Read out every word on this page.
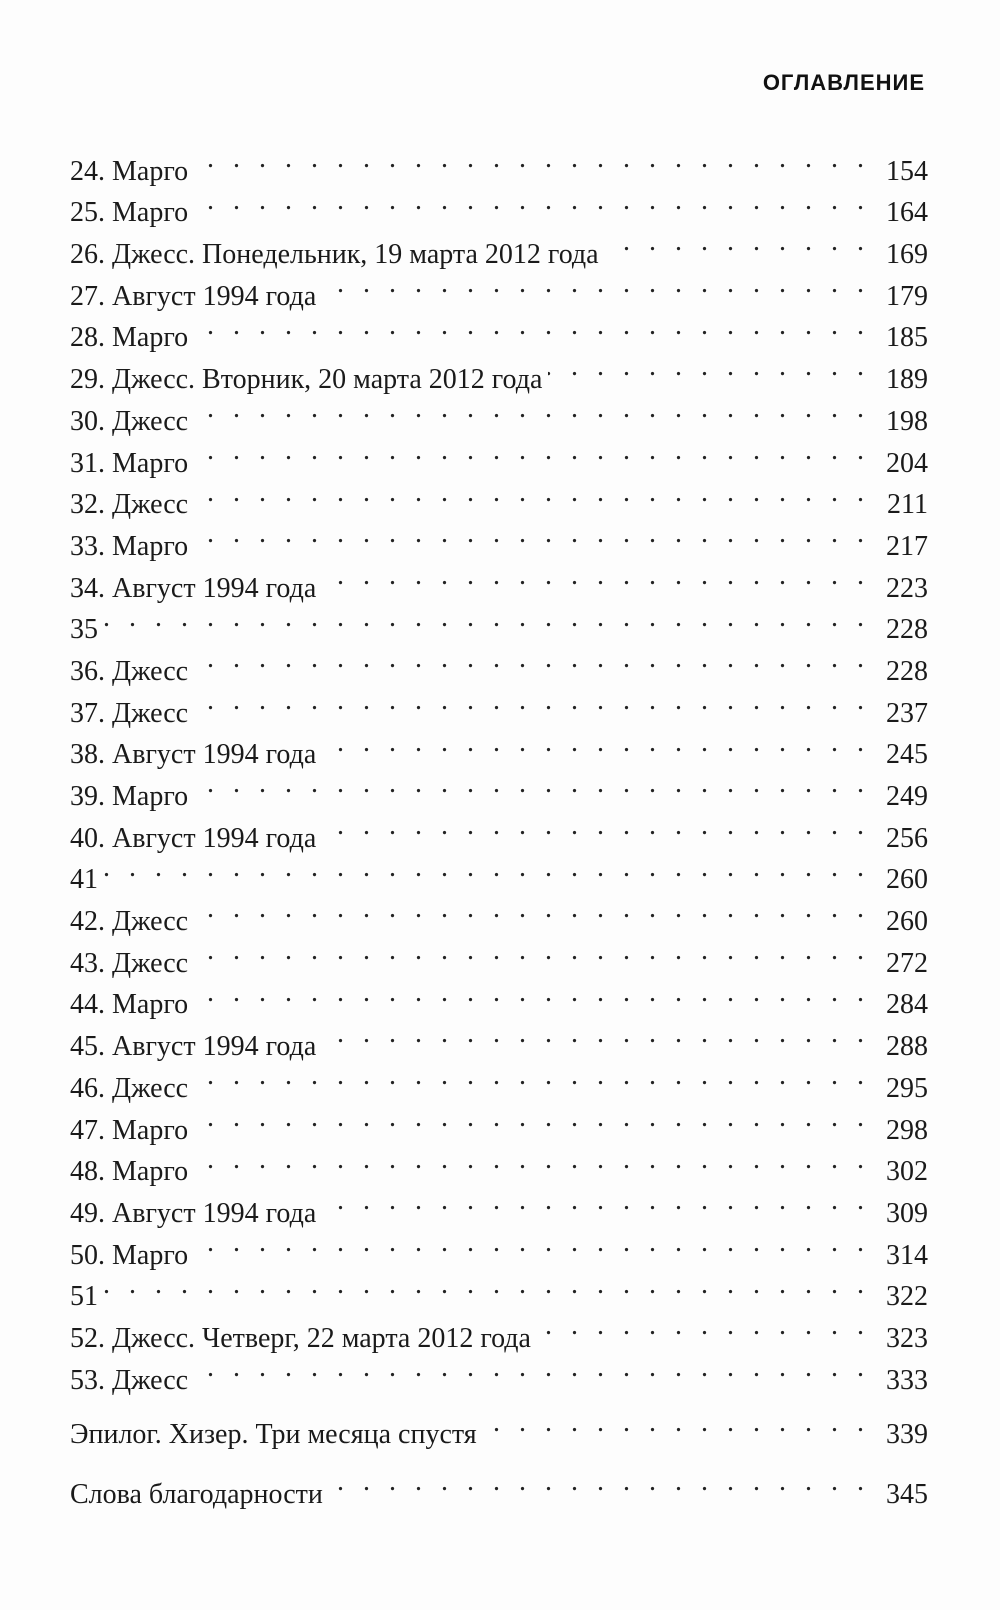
ОГЛАВЛЕНИЕ
24. Марго . . .	154
25. Марго . . .	164
26. Джесс. Понедельник, 19 марта 2012 года . . .	169
27. Август 1994 года . . .	179
28. Марго . . .	185
29. Джесс. Вторник, 20 марта 2012 года . . .	189
30. Джесс . . .	198
31. Марго . . .	204
32. Джесс . . .	211
33. Марго . . .	217
34. Август 1994 года . . .	223
35 . . .	228
36. Джесс . . .	228
37. Джесс . . .	237
38. Август 1994 года . . .	245
39. Марго . . .	249
40. Август 1994 года . . .	256
41 . . .	260
42. Джесс . . .	260
43. Джесс . . .	272
44. Марго . . .	284
45. Август 1994 года . . .	288
46. Джесс . . .	295
47. Марго . . .	298
48. Марго . . .	302
49. Август 1994 года . . .	309
50. Марго . . .	314
51 . . .	322
52. Джесс. Четверг, 22 марта 2012 года . . .	323
53. Джесс . . .	333
Эпилог. Хизер. Три месяца спустя . . .	339
Слова благодарности . . .	345
